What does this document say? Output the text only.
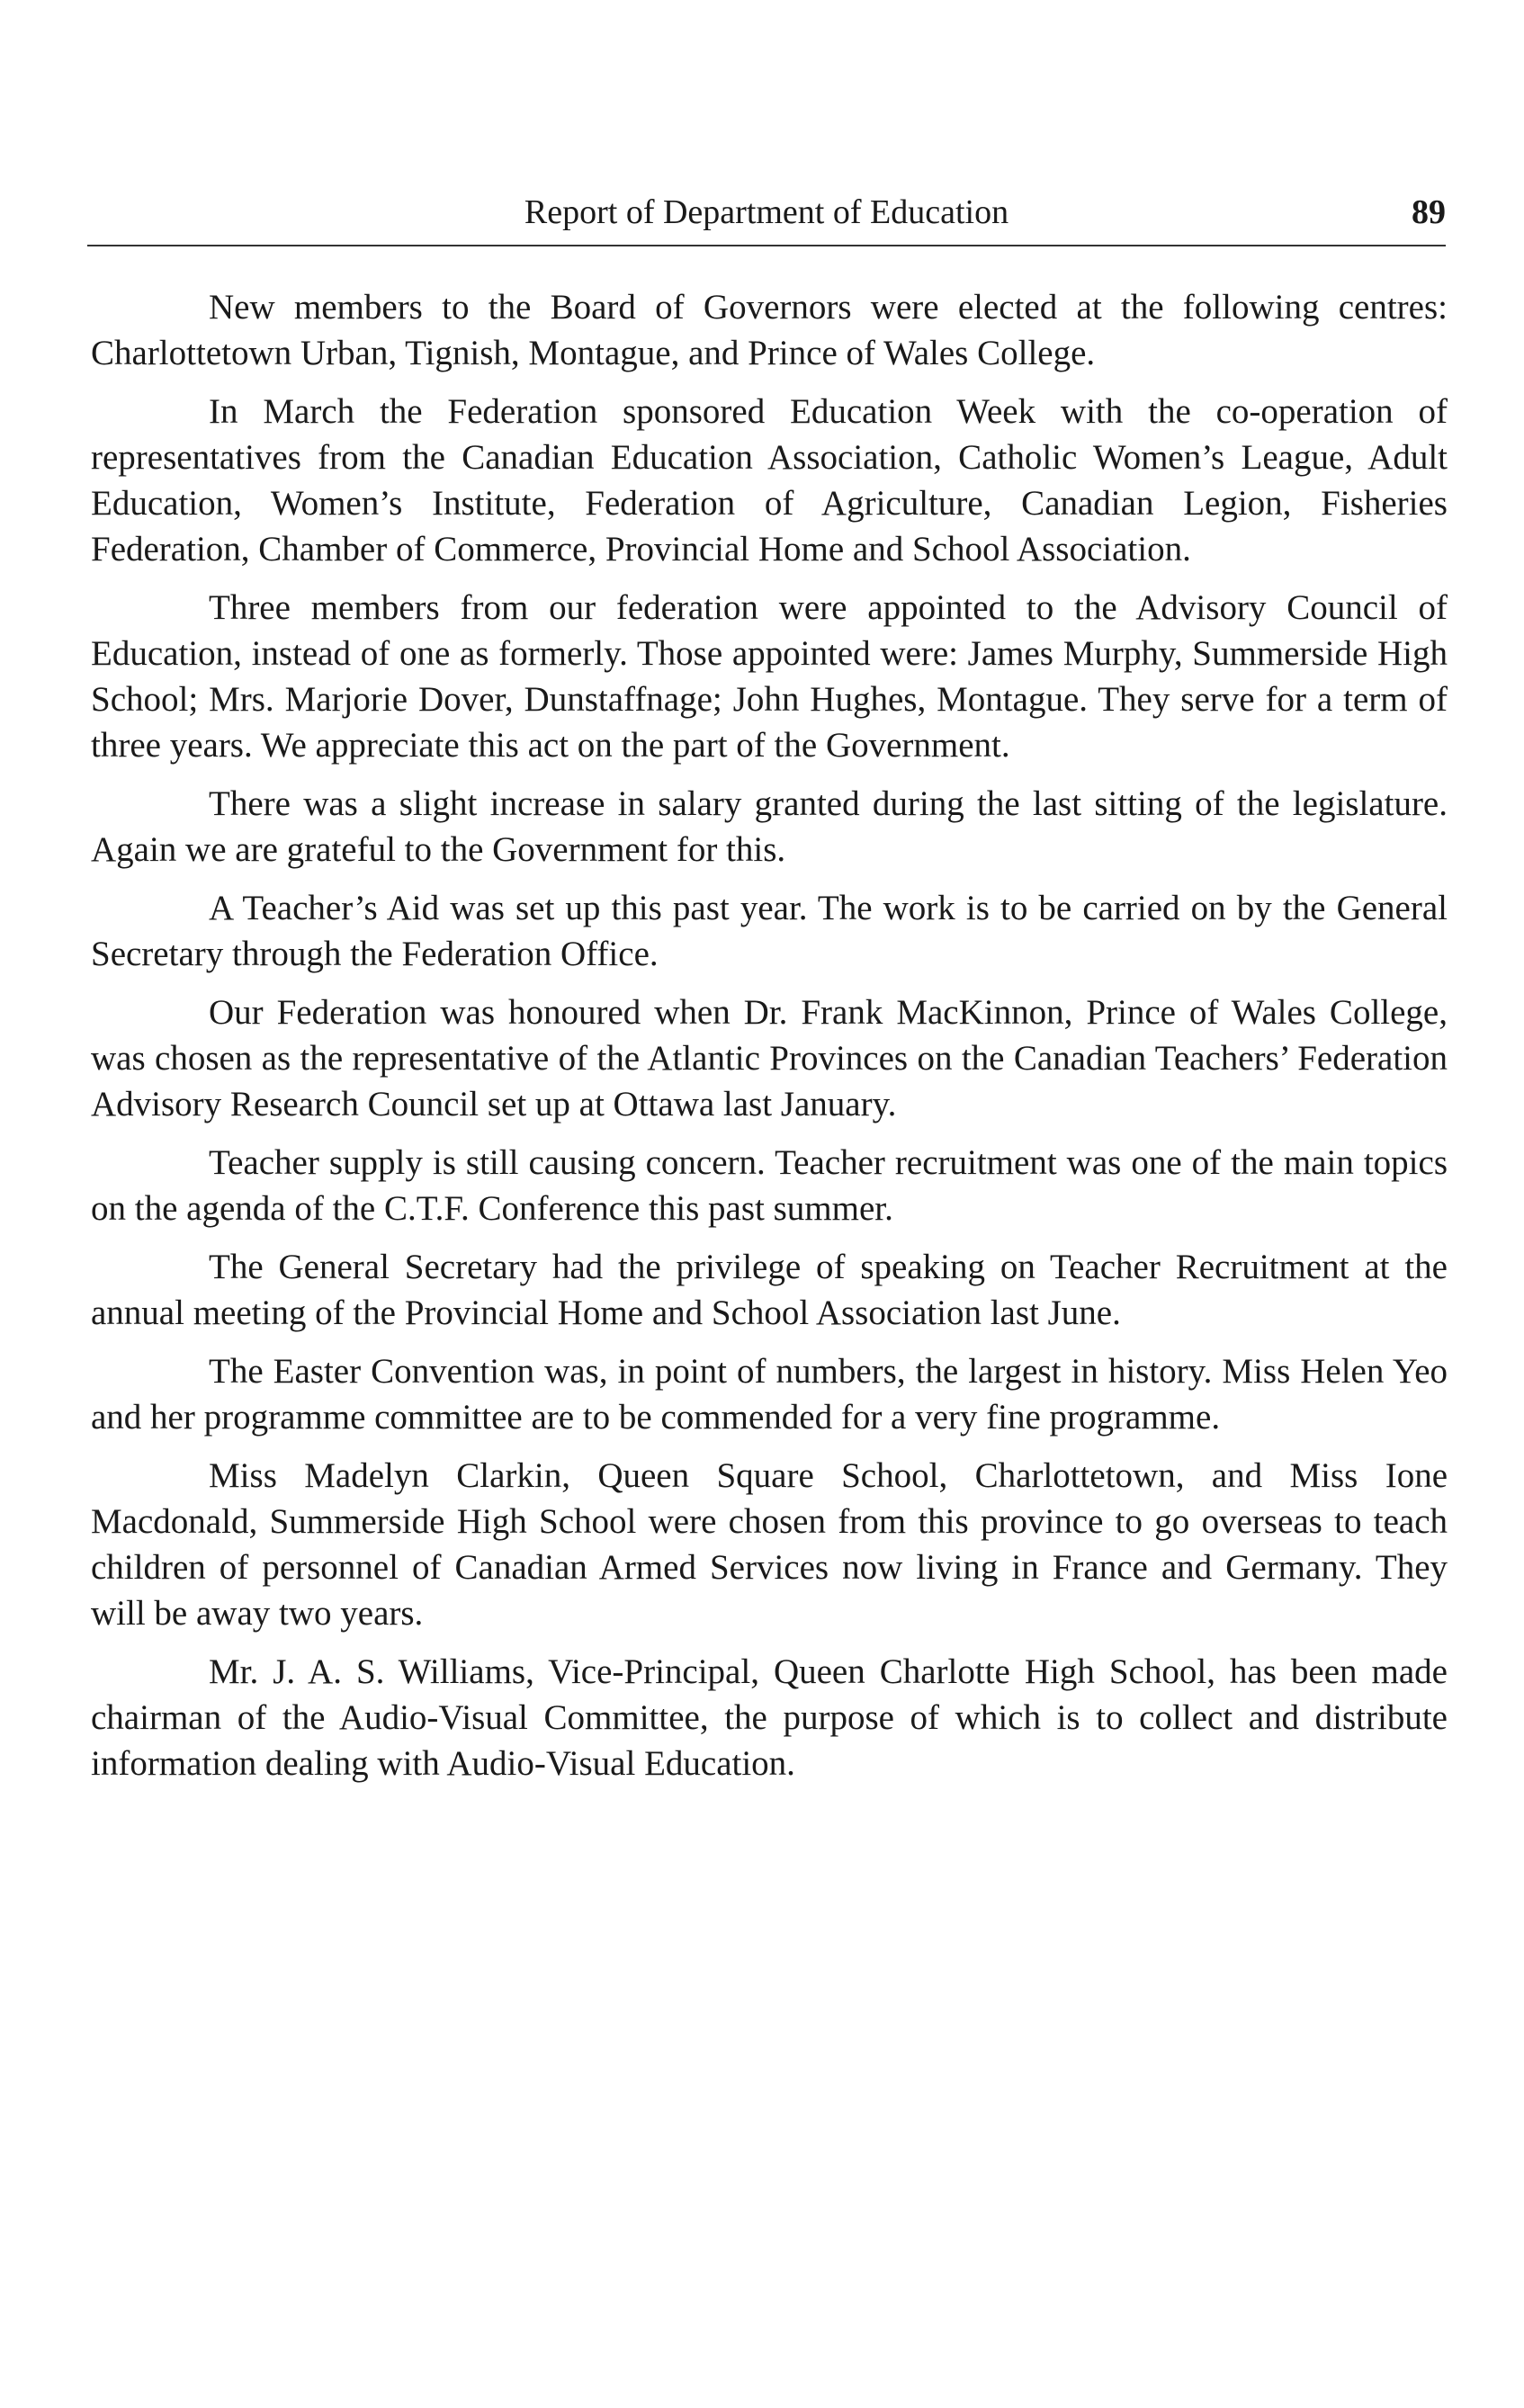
Report of Department of Education	89

New members to the Board of Governors were elected at the following centres: Charlottetown Urban, Tignish, Montague, and Prince of Wales College.

In March the Federation sponsored Education Week with the co-operation of representatives from the Canadian Education Association, Catholic Women’s League, Adult Education, Women’s Institute, Federation of Agriculture, Canadian Legion, Fisheries Federation, Chamber of Commerce, Provincial Home and School Association.

Three members from our federation were appointed to the Advisory Council of Education, instead of one as formerly. Those appointed were: James Murphy, Summerside High School; Mrs. Marjorie Dover, Dunstaffnage; John Hughes, Montague. They serve for a term of three years. We appreciate this act on the part of the Government.

There was a slight increase in salary granted during the last sitting of the legislature. Again we are grateful to the Government for this.

A Teacher’s Aid was set up this past year. The work is to be carried on by the General Secretary through the Federation Office.

Our Federation was honoured when Dr. Frank MacKinnon, Prince of Wales College, was chosen as the representative of the Atlantic Provinces on the Canadian Teachers’ Federation Advisory Research Council set up at Ottawa last January.

Teacher supply is still causing concern. Teacher recruitment was one of the main topics on the agenda of the C.T.F. Conference this past summer.

The General Secretary had the privilege of speaking on Teacher Recruitment at the annual meeting of the Provincial Home and School Association last June.

The Easter Convention was, in point of numbers, the largest in history. Miss Helen Yeo and her programme committee are to be commended for a very fine programme.

Miss Madelyn Clarkin, Queen Square School, Charlottetown, and Miss Ione Macdonald, Summerside High School were chosen from this province to go overseas to teach children of personnel of Canadian Armed Services now living in France and Germany. They will be away two years.

Mr. J. A. S. Williams, Vice-Principal, Queen Charlotte High School, has been made chairman of the Audio-Visual Committee, the purpose of which is to collect and distribute information dealing with Audio-Visual Education.
